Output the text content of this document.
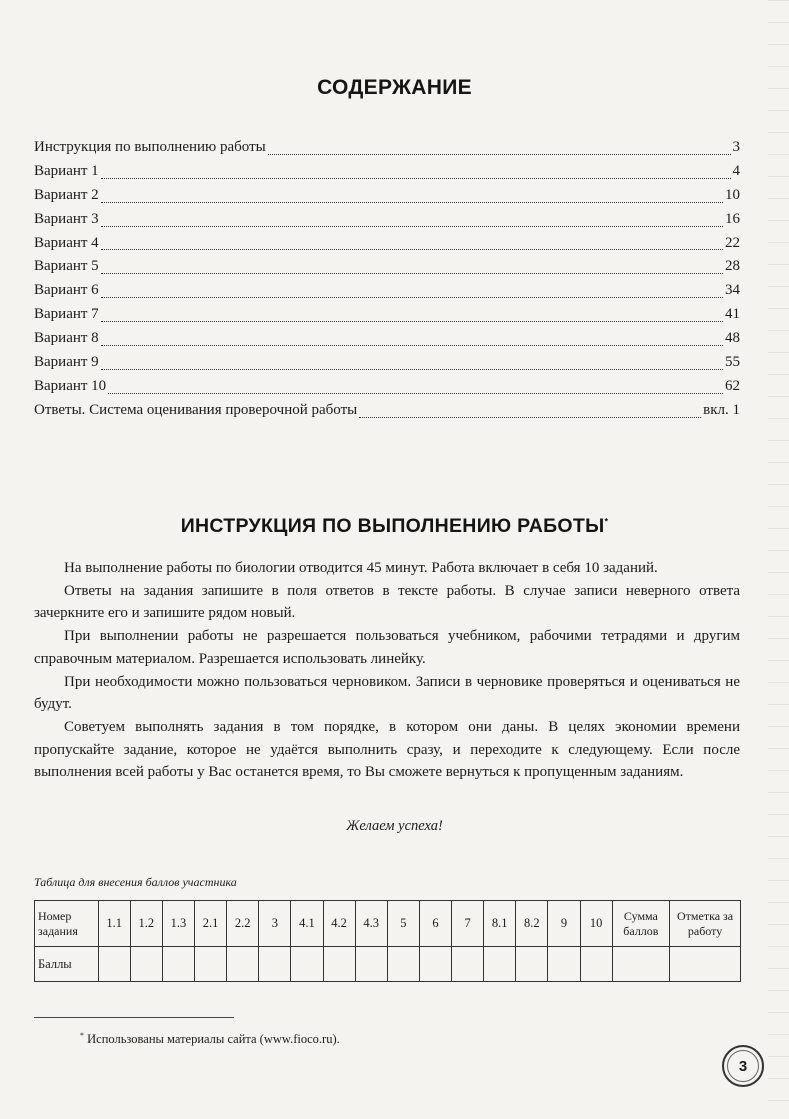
СОДЕРЖАНИЕ
Инструкция по выполнению работы	3
Вариант 1	4
Вариант 2	10
Вариант 3	16
Вариант 4	22
Вариант 5	28
Вариант 6	34
Вариант 7	41
Вариант 8	48
Вариант 9	55
Вариант 10	62
Ответы. Система оценивания проверочной работы	вкл. 1
ИНСТРУКЦИЯ ПО ВЫПОЛНЕНИЮ РАБОТЫ*

На выполнение работы по биологии отводится 45 минут. Работа включает в себя 10 заданий.

Ответы на задания запишите в поля ответов в тексте работы. В случае записи неверного ответа зачеркните его и запишите рядом новый.

При выполнении работы не разрешается пользоваться учебником, рабочими тетрадями и другим справочным материалом. Разрешается использовать линейку.

При необходимости можно пользоваться черновиком. Записи в черновике проверяться и оцениваться не будут.

Советуем выполнять задания в том порядке, в котором они даны. В целях экономии времени пропускайте задание, которое не удаётся выполнить сразу, и переходите к следующему. Если после выполнения всей работы у Вас останется время, то Вы сможете вернуться к пропущенным заданиям.

Желаем успеха!
Таблица для внесения баллов участника
Номер задания	1.1	1.2	1.3	2.1	2.2	3	4.1	4.2	4.3	5	6	7	8.1	8.2	9	10	Сумма баллов	Отметка за работу
Баллы																		
* Использованы материалы сайта (www.fioco.ru).
3
